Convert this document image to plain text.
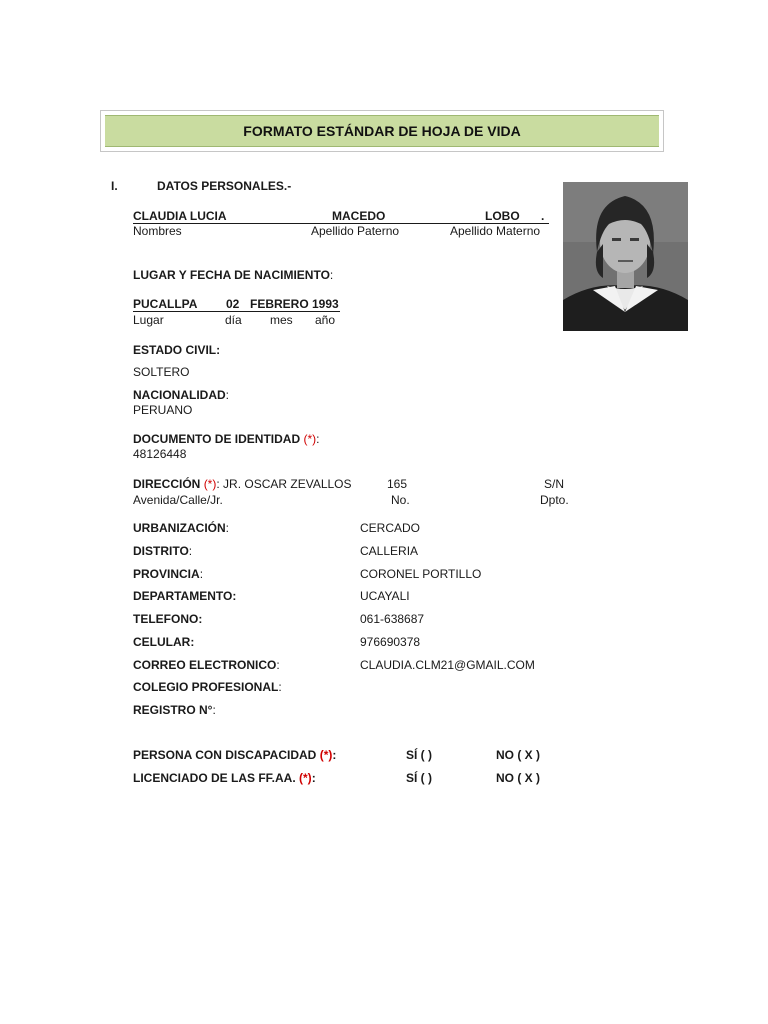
FORMATO ESTÁNDAR DE HOJA DE VIDA
I.	DATOS PERSONALES.-
CLAUDIA LUCIA	MACEDO	LOBO .
Nombres	Apellido Paterno	Apellido Materno
LUGAR Y FECHA DE NACIMIENTO:
PUCALLPA 02 FEBRERO 1993
Lugar	día mes año
ESTADO CIVIL:
SOLTERO
NACIONALIDAD:
PERUANO
DOCUMENTO DE IDENTIDAD (*):
48126448
DIRECCIÓN (*): JR. OSCAR ZEVALLOS	165	S/N
Avenida/Calle/Jr.	No.	Dpto.
URBANIZACIÓN:	CERCADO
DISTRITO:	CALLERIA
PROVINCIA:	CORONEL PORTILLO
DEPARTAMENTO:	UCAYALI
TELEFONO:	061-638687
CELULAR:	976690378
CORREO ELECTRONICO:	CLAUDIA.CLM21@GMAIL.COM
COLEGIO PROFESIONAL:
REGISTRO N°:
PERSONA CON DISCAPACIDAD (*):	SÍ ( )	NO ( X )
LICENCIADO DE LAS FF.AA. (*):	SÍ ( )	NO ( X )
